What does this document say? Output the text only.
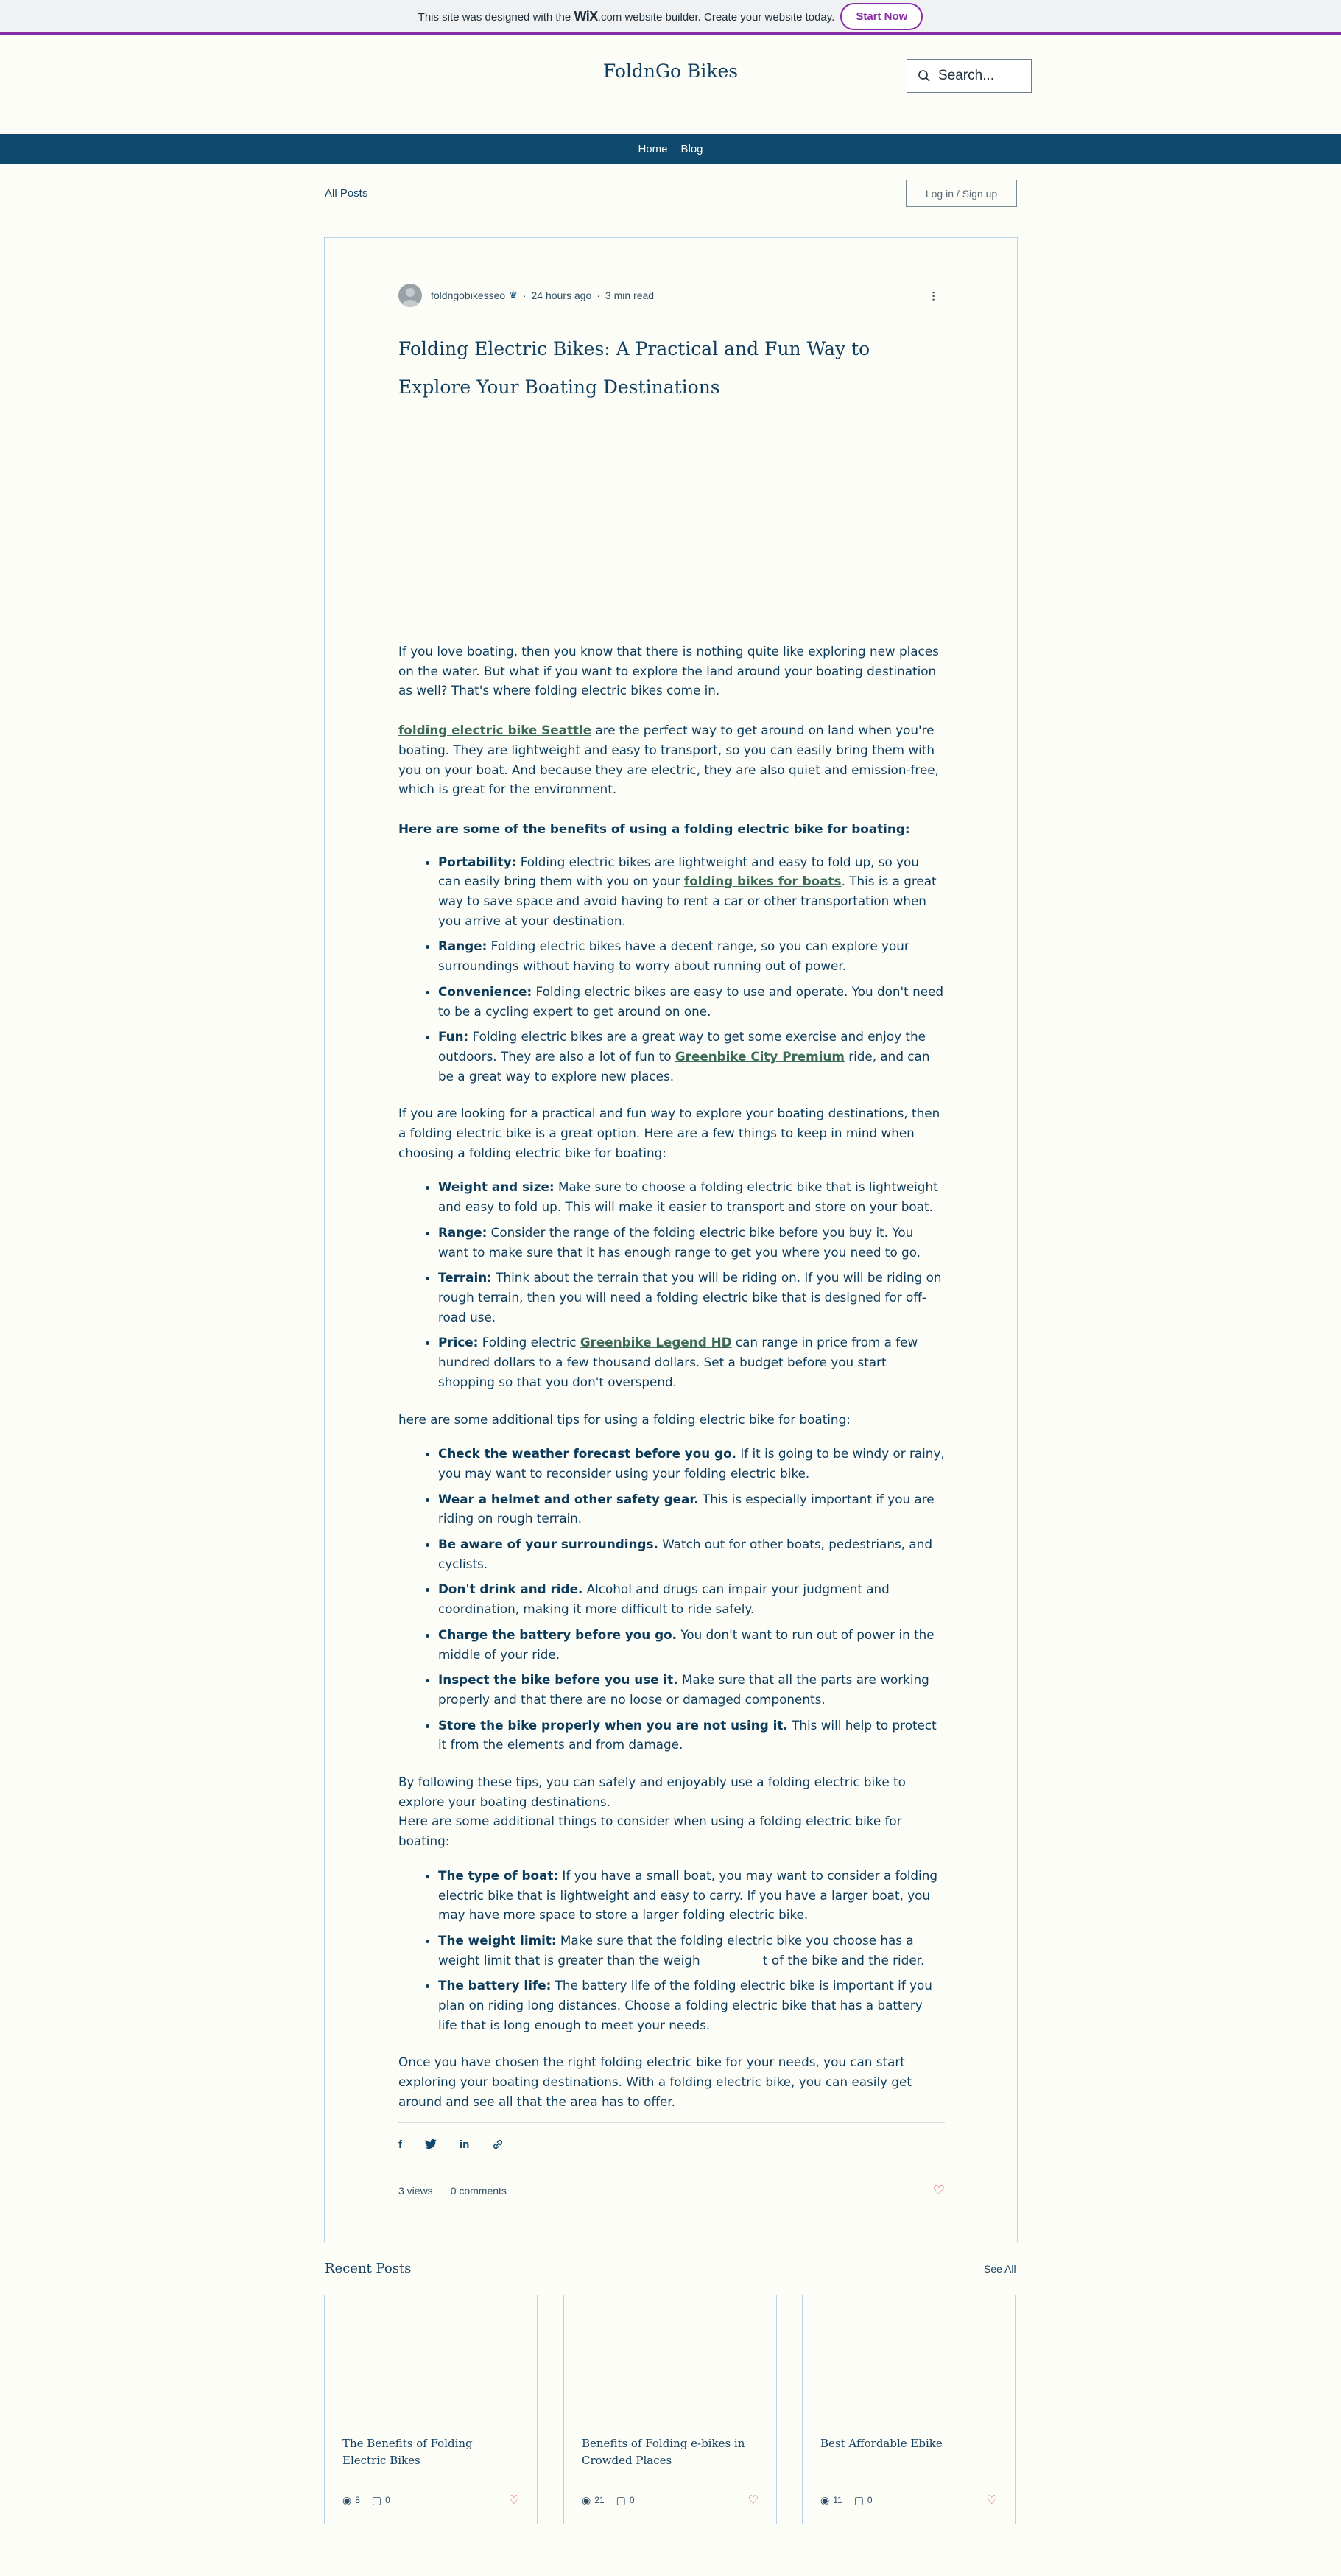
This site was designed with the WiX.com website builder. Create your website today.	Start Now
FoldnGo Bikes
Search...
Home Blog
All Posts	Log in / Sign up
foldngobikesseo ♛ · 24 hours ago · 3 min read	···
Folding Electric Bikes: A Practical and Fun Way to Explore Your Boating Destinations

If you love boating, then you know that there is nothing quite like exploring new places on the water. But what if you want to explore the land around your boating destination as well? That's where folding electric bikes come in.

folding electric bike Seattle are the perfect way to get around on land when you're boating. They are lightweight and easy to transport, so you can easily bring them with you on your boat. And because they are electric, they are also quiet and emission-free, which is great for the environment.

Here are some of the benefits of using a folding electric bike for boating:
• Portability: Folding electric bikes are lightweight and easy to fold up, so you can easily bring them with you on your folding bikes for boats. This is a great way to save space and avoid having to rent a car or other transportation when you arrive at your destination.
• Range: Folding electric bikes have a decent range, so you can explore your surroundings without having to worry about running out of power.
• Convenience: Folding electric bikes are easy to use and operate. You don't need to be a cycling expert to get around on one.
• Fun: Folding electric bikes are a great way to get some exercise and enjoy the outdoors. They are also a lot of fun to Greenbike City Premium ride, and can be a great way to explore new places.

If you are looking for a practical and fun way to explore your boating destinations, then a folding electric bike is a great option. Here are a few things to keep in mind when choosing a folding electric bike for boating:

• Weight and size: Make sure to choose a folding electric bike that is lightweight and easy to fold up. This will make it easier to transport and store on your boat.
• Range: Consider the range of the folding electric bike before you buy it. You want to make sure that it has enough range to get you where you need to go.
• Terrain: Think about the terrain that you will be riding on. If you will be riding on rough terrain, then you will need a folding electric bike that is designed for off-road use.
• Price: Folding electric Greenbike Legend HD can range in price from a few hundred dollars to a few thousand dollars. Set a budget before you start shopping so that you don't overspend.

here are some additional tips for using a folding electric bike for boating:

• Check the weather forecast before you go. If it is going to be windy or rainy, you may want to reconsider using your folding electric bike.
• Wear a helmet and other safety gear. This is especially important if you are riding on rough terrain.
• Be aware of your surroundings. Watch out for other boats, pedestrians, and cyclists.
• Don't drink and ride. Alcohol and drugs can impair your judgment and coordination, making it more difficult to ride safely.
• Charge the battery before you go. You don't want to run out of power in the middle of your ride.
• Inspect the bike before you use it. Make sure that all the parts are working properly and that there are no loose or damaged components.
• Store the bike properly when you are not using it. This will help to protect it from the elements and from damage.

By following these tips, you can safely and enjoyably use a folding electric bike to explore your boating destinations.

Here are some additional things to consider when using a folding electric bike for boating:

• The type of boat: If you have a small boat, you may want to consider a folding electric bike that is lightweight and easy to carry. If you have a larger boat, you may have more space to store a larger folding electric bike.
• The weight limit: Make sure that the folding electric bike you choose has a weight limit that is greater than the weigh                t of the bike and the rider.
• The battery life: The battery life of the folding electric bike is important if you plan on riding long distances. Choose a folding electric bike that has a battery life that is long enough to meet your needs.

Once you have chosen the right folding electric bike for your needs, you can start exploring your boating destinations. With a folding electric bike, you can easily get around and see all that the area has to offer.

f	in
3 views 0 comments	♡
Recent Posts	See All
The Benefits of Folding Electric Bikes
◉ 8 ▢ 0	♡
Benefits of Folding e-bikes in Crowded Places
◉ 21 ▢ 0	♡
Best Affordable Ebike
◉ 11 ▢ 0	♡
